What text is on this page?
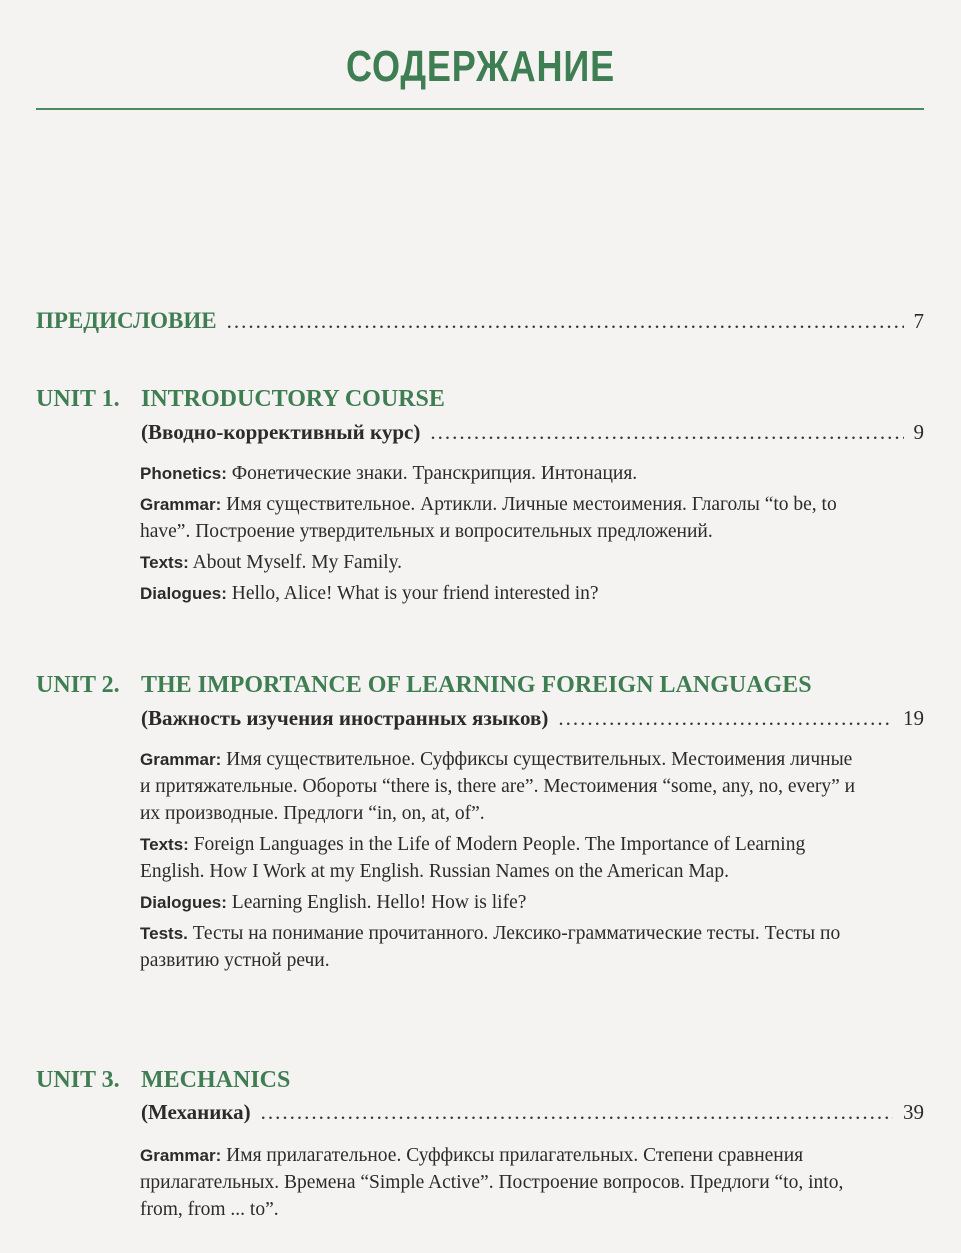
СОДЕРЖАНИЕ
ПРЕДИСЛОВИЕ .....	7
UNIT 1. INTRODUCTORY COURSE
(Вводно-коррективный курс) .....	9

Phonetics: Фонетические знаки. Транскрипция. Интонация.

Grammar: Имя существительное. Артикли. Личные местоимения. Глаголы “to be, to have”. Построение утвердительных и вопросительных предложений.

Texts: About Myself. My Family.

Dialogues: Hello, Alice! What is your friend interested in?

UNIT 2. THE IMPORTANCE OF LEARNING FOREIGN LANGUAGES
(Важность изучения иностранных языков) .....	19

Grammar: Имя существительное. Суффиксы существительных. Местоимения личные и притяжательные. Обороты “there is, there are”. Местоимения “some, any, no, every” и их производные. Предлоги “in, on, at, of”.

Texts: Foreign Languages in the Life of Modern People. The Importance of Learning English. How I Work at my English. Russian Names on the American Map.

Dialogues: Learning English. Hello! How is life?

Tests. Тесты на понимание прочитанного. Лексико-грамматические тесты. Тесты по развитию устной речи.

UNIT 3. MECHANICS
(Механика) .....	39

Grammar: Имя прилагательное. Суффиксы прилагательных. Степени сравнения прилагательных. Времена “Simple Active”. Построение вопросов. Предлоги “to, into, from, from ... to”.
